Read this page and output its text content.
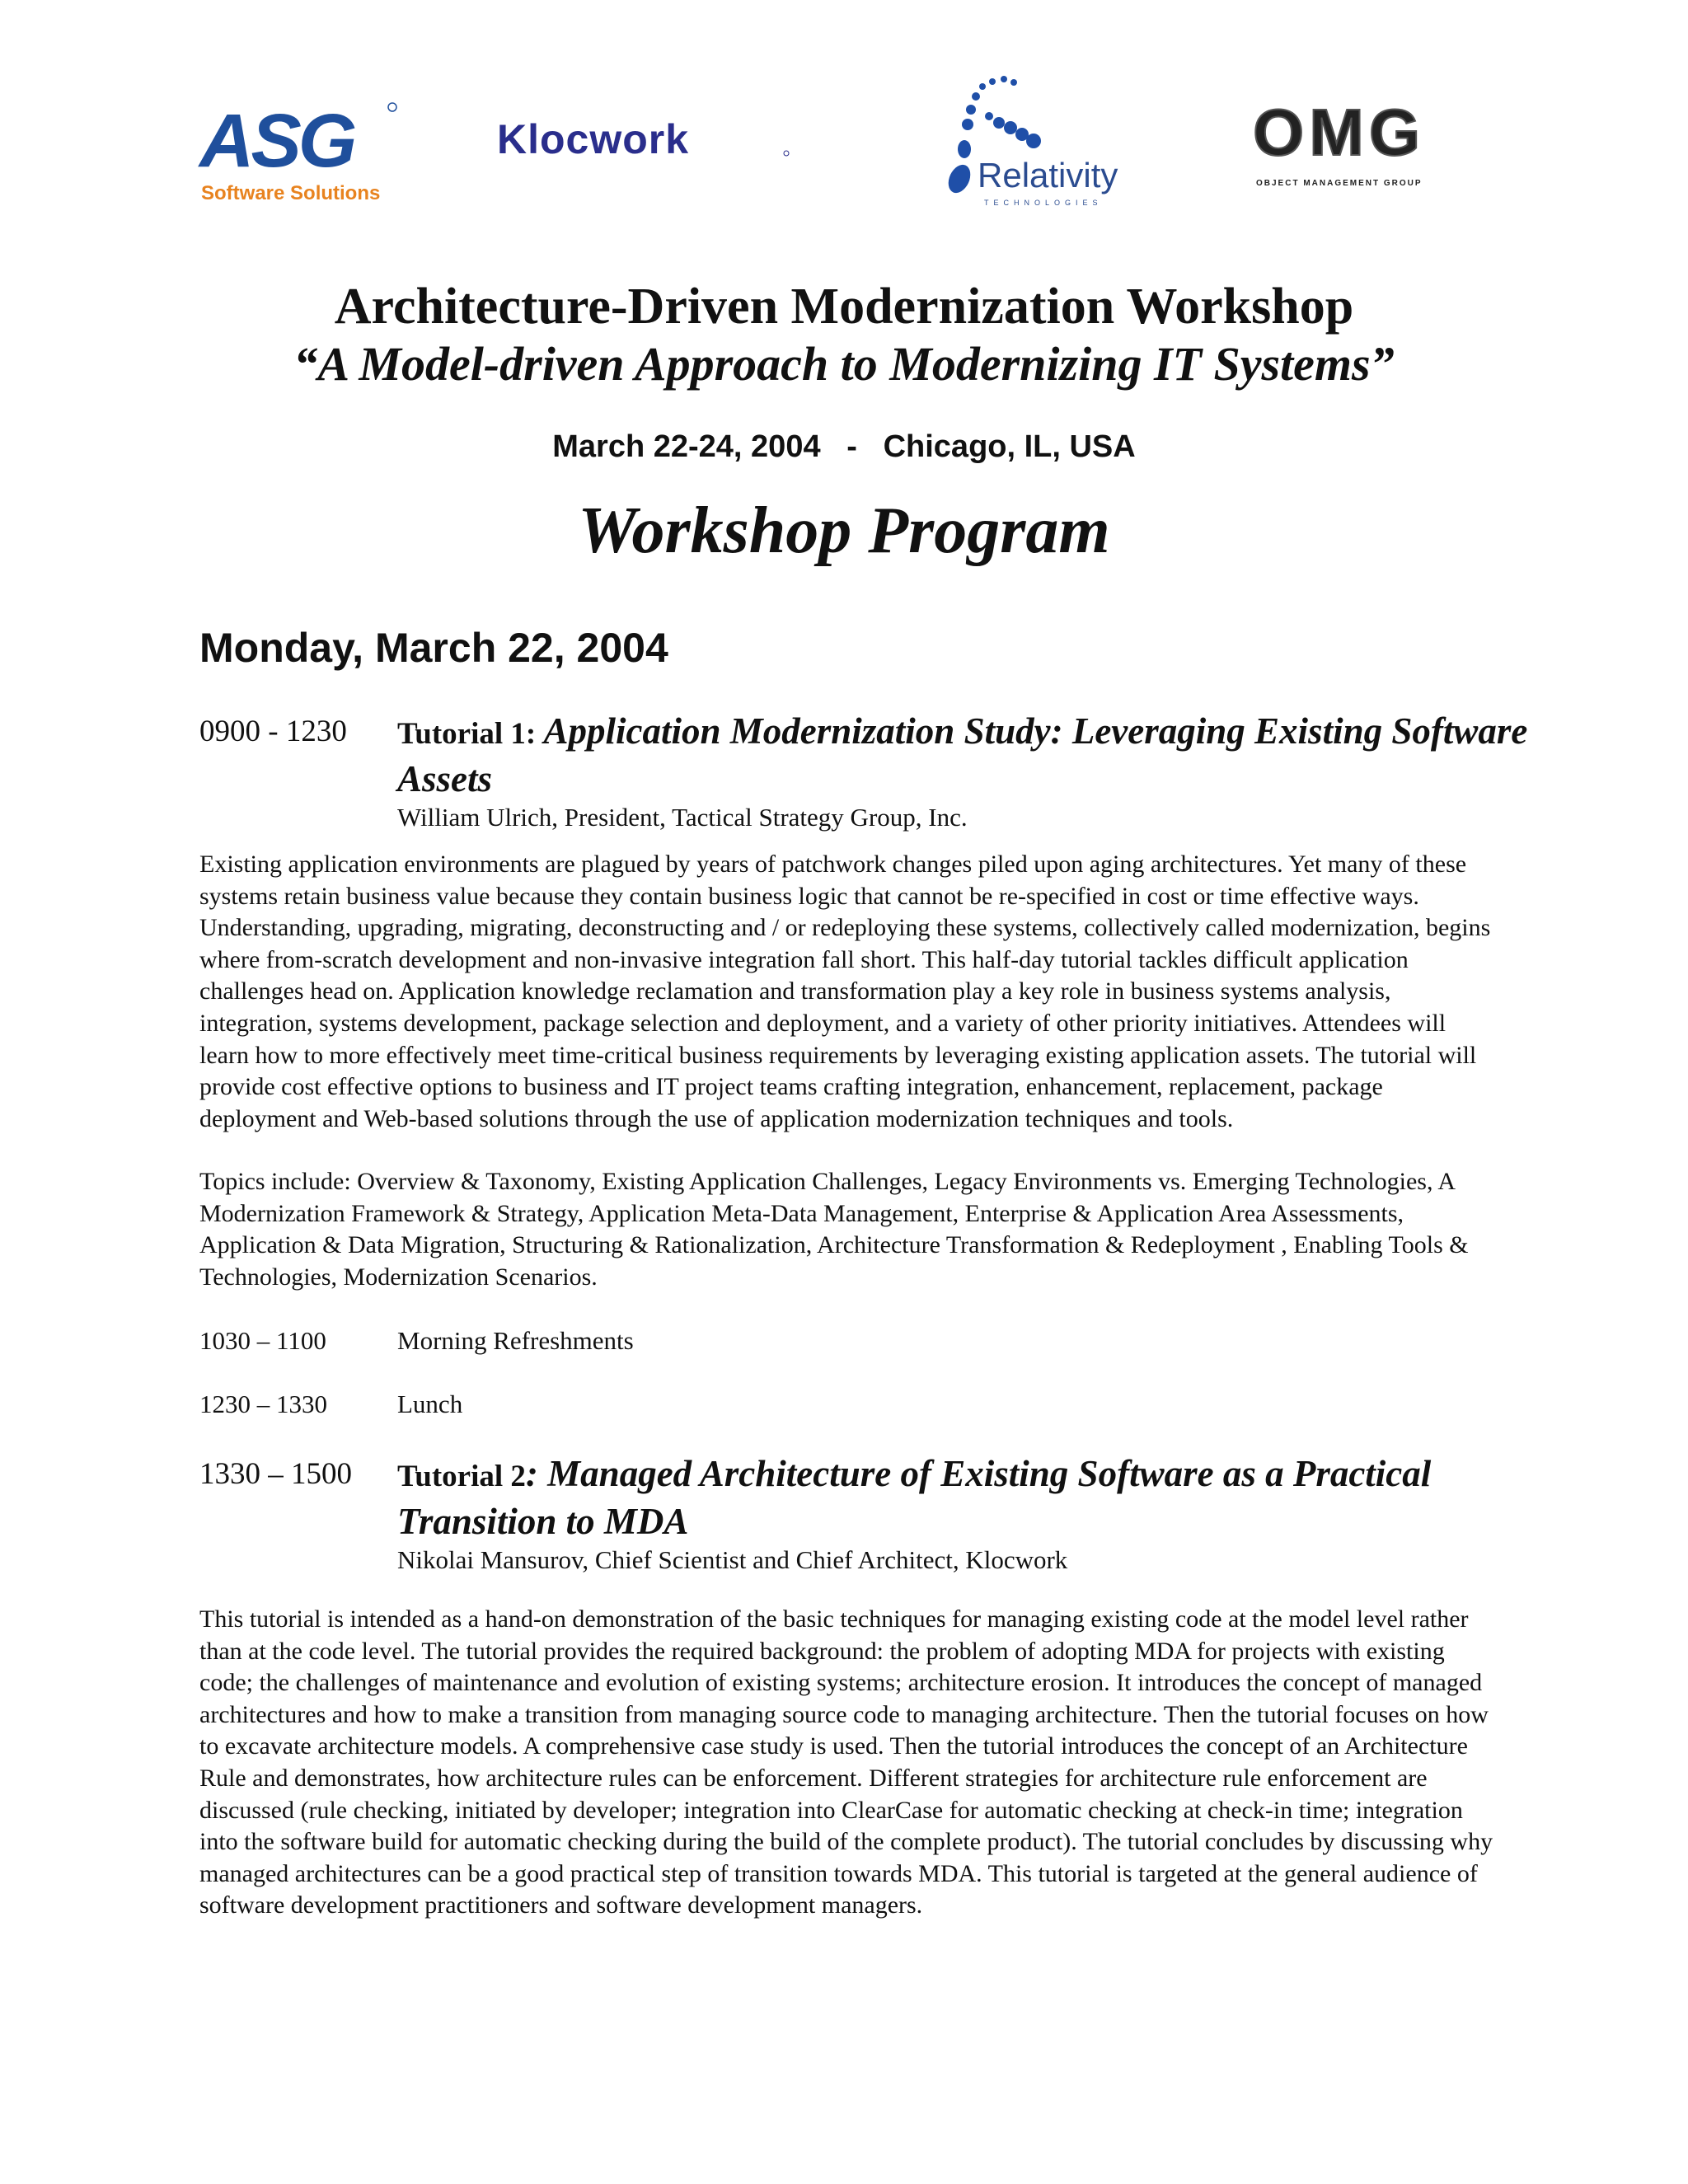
ASG
Software Solutions
Klocwork
Relativity
TECHNOLOGIES
OMG
OBJECT MANAGEMENT GROUP
Architecture-Driven Modernization Workshop
“A Model-driven Approach to Modernizing IT Systems”
March 22-24, 2004   -   Chicago, IL, USA
Workshop Program
Monday, March 22, 2004
0900 - 1230 Tutorial 1: Application Modernization Study: Leveraging Existing Software Assets
William Ulrich, President, Tactical Strategy Group, Inc.

Existing application environments are plagued by years of patchwork changes piled upon aging architectures. Yet many of these systems retain business value because they contain business logic that cannot be re-specified in cost or time effective ways. Understanding, upgrading, migrating, deconstructing and / or redeploying these systems, collectively called modernization, begins where from-scratch development and non-invasive integration fall short. This half-day tutorial tackles difficult application challenges head on. Application knowledge reclamation and transformation play a key role in business systems analysis, integration, systems development, package selection and deployment, and a variety of other priority initiatives. Attendees will learn how to more effectively meet time-critical business requirements by leveraging existing application assets. The tutorial will provide cost effective options to business and IT project teams crafting integration, enhancement, replacement, package deployment and Web-based solutions through the use of application modernization techniques and tools.

Topics include: Overview & Taxonomy, Existing Application Challenges, Legacy Environments vs. Emerging Technologies, A Modernization Framework & Strategy, Application Meta-Data Management, Enterprise & Application Area Assessments, Application & Data Migration, Structuring & Rationalization, Architecture Transformation & Redeployment , Enabling Tools & Technologies, Modernization Scenarios.

1030 – 1100	Morning Refreshments
1230 – 1330	Lunch
1330 – 1500 Tutorial 2: Managed Architecture of Existing Software as a Practical Transition to MDA
Nikolai Mansurov, Chief Scientist and Chief Architect, Klocwork

This tutorial is intended as a hand-on demonstration of the basic techniques for managing existing code at the model level rather than at the code level. The tutorial provides the required background: the problem of adopting MDA for projects with existing code; the challenges of maintenance and evolution of existing systems; architecture erosion. It introduces the concept of managed architectures and how to make a transition from managing source code to managing architecture. Then the tutorial focuses on how to excavate architecture models. A comprehensive case study is used. Then the tutorial introduces the concept of an Architecture Rule and demonstrates, how architecture rules can be enforcement. Different strategies for architecture rule enforcement are discussed (rule checking, initiated by developer; integration into ClearCase for automatic checking at check-in time; integration into the software build for automatic checking during the build of the complete product). The tutorial concludes by discussing why managed architectures can be a good practical step of transition towards MDA. This tutorial is targeted at the general audience of software development practitioners and software development managers.
